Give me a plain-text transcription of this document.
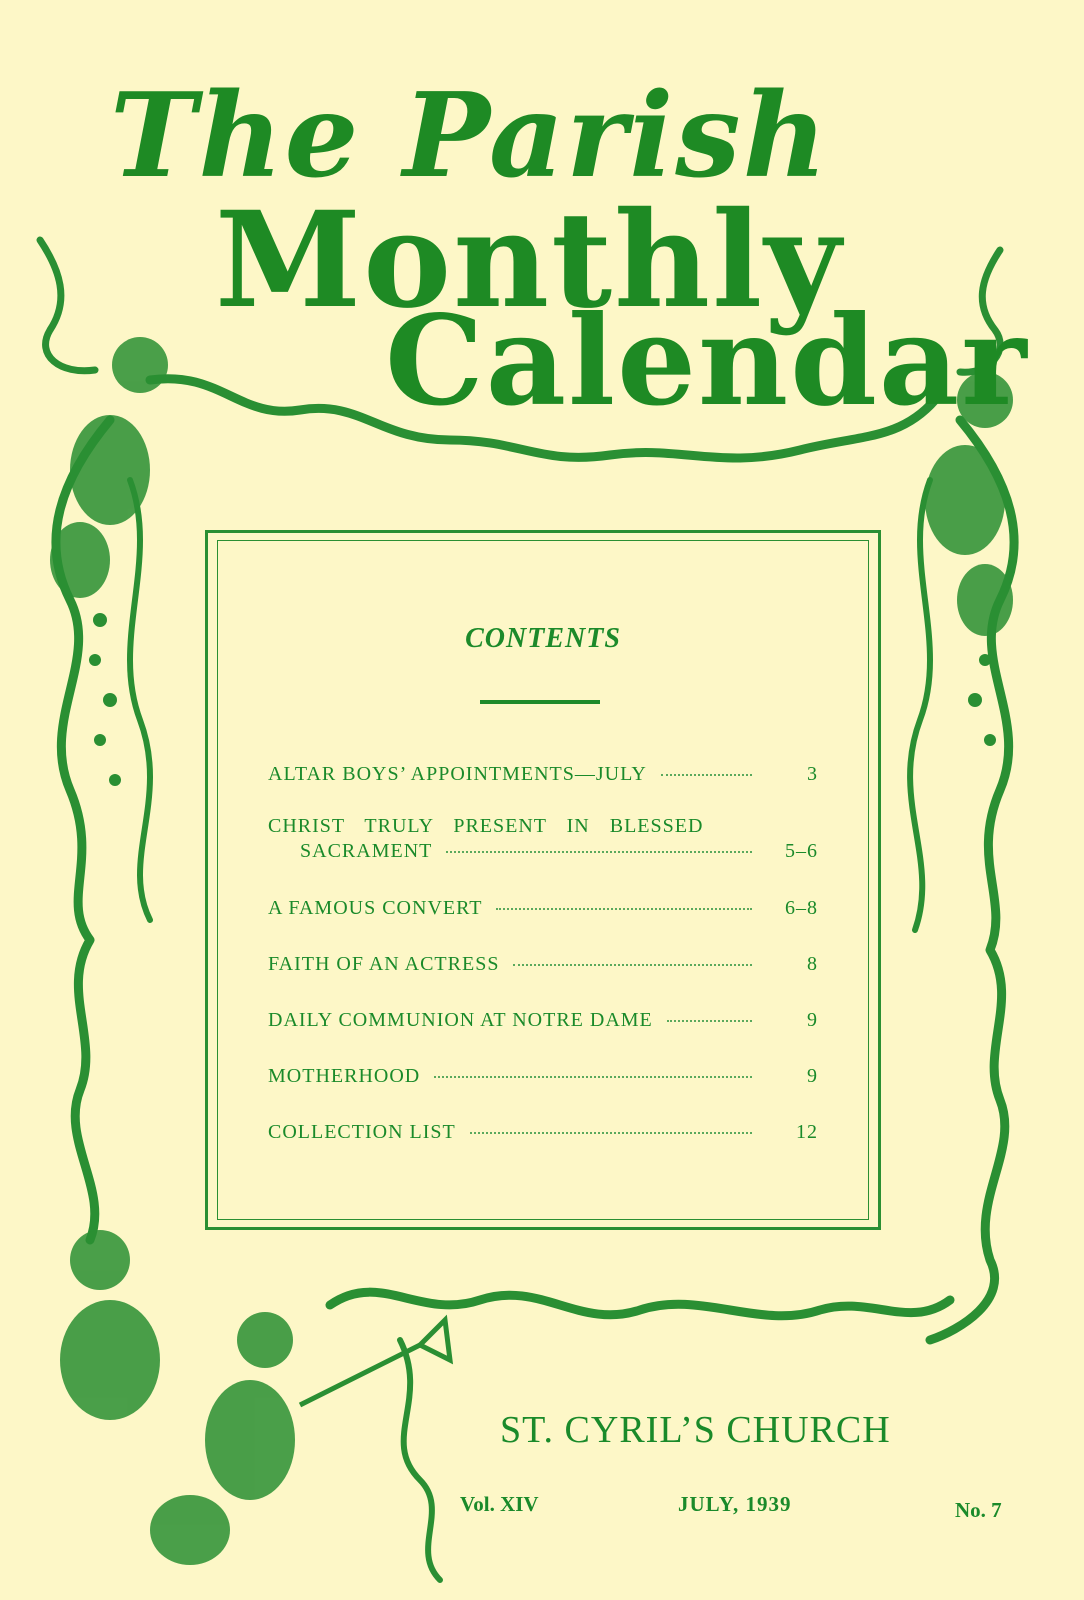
The Parish
Monthly
Calendar
CONTENTS
ALTAR BOYS’ APPOINTMENTS—JULY	3
CHRIST TRULY PRESENT IN BLESSED
SACRAMENT	5–6
A FAMOUS CONVERT	6–8
FAITH OF AN ACTRESS	8
DAILY COMMUNION AT NOTRE DAME	9
MOTHERHOOD	9
COLLECTION LIST	12
ST. CYRIL’S CHURCH
Vol. XIV	JULY, 1939	No. 7
